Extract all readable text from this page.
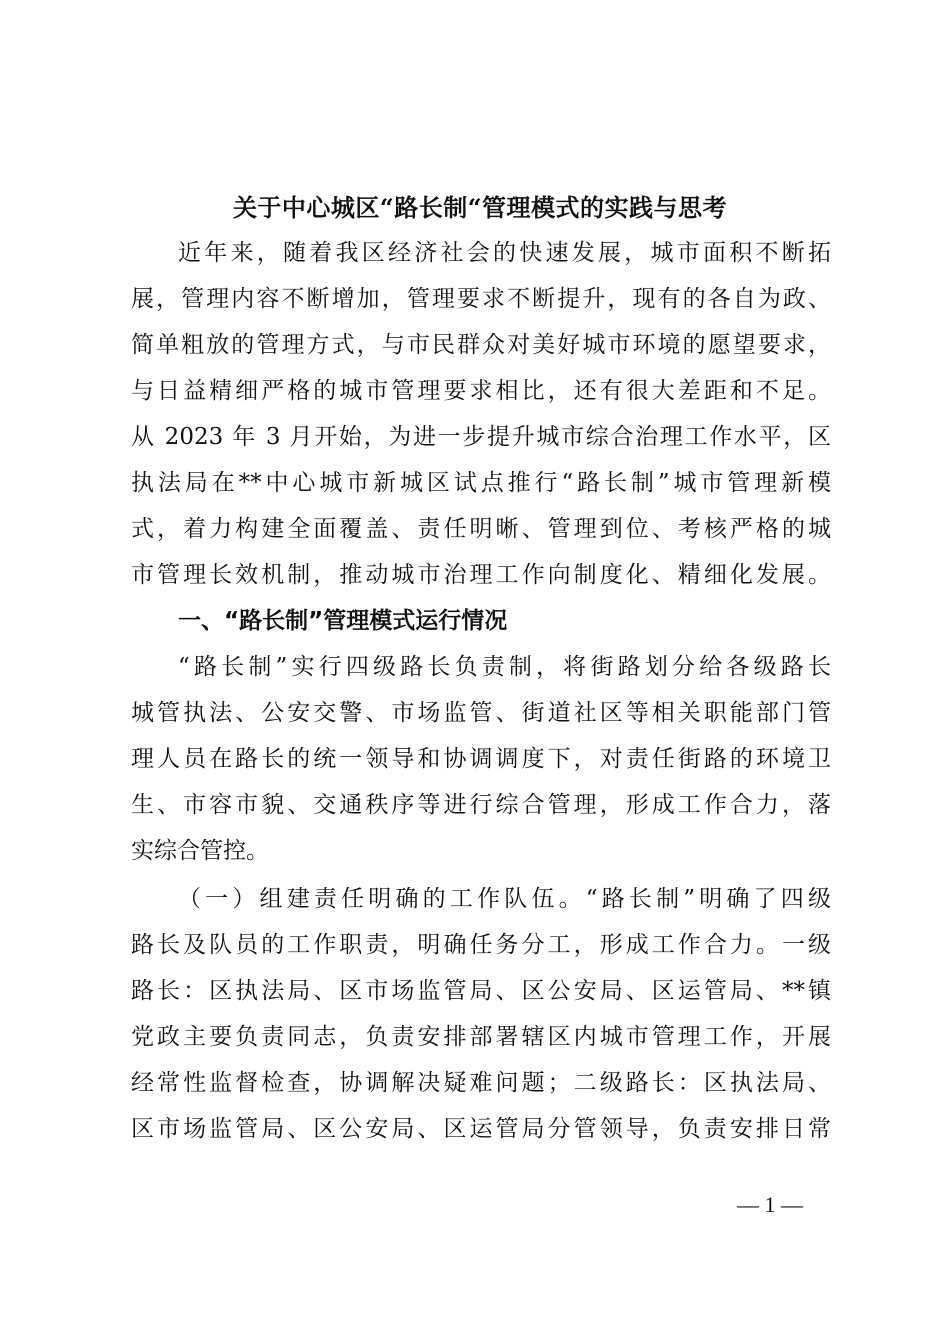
关于中心城区“路长制“管理模式的实践与思考
近年来，随着我区经济社会的快速发展，城市面积不断拓
展，管理内容不断增加，管理要求不断提升，现有的各自为政、
简单粗放的管理方式，与市民群众对美好城市环境的愿望要求，
与日益精细严格的城市管理要求相比，还有很大差距和不足。
从 2023 年 3 月开始，为进一步提升城市综合治理工作水平，区
执法局在**中心城市新城区试点推行“路长制”城市管理新模
式，着力构建全面覆盖、责任明晰、管理到位、考核严格的城
市管理长效机制，推动城市治理工作向制度化、精细化发展。
一、“路长制”管理模式运行情况
“路长制”实行四级路长负责制，将街路划分给各级路长
城管执法、公安交警、市场监管、街道社区等相关职能部门管
理人员在路长的统一领导和协调调度下，对责任街路的环境卫
生、市容市貌、交通秩序等进行综合管理，形成工作合力，落
实综合管控。
（一）组建责任明确的工作队伍。“路长制”明确了四级
路长及队员的工作职责，明确任务分工，形成工作合力。一级
路长：区执法局、区市场监管局、区公安局、区运管局、**镇
党政主要负责同志，负责安排部署辖区内城市管理工作，开展
经常性监督检查，协调解决疑难问题；二级路长：区执法局、
区市场监管局、区公安局、区运管局分管领导，负责安排日常
— 1 —
